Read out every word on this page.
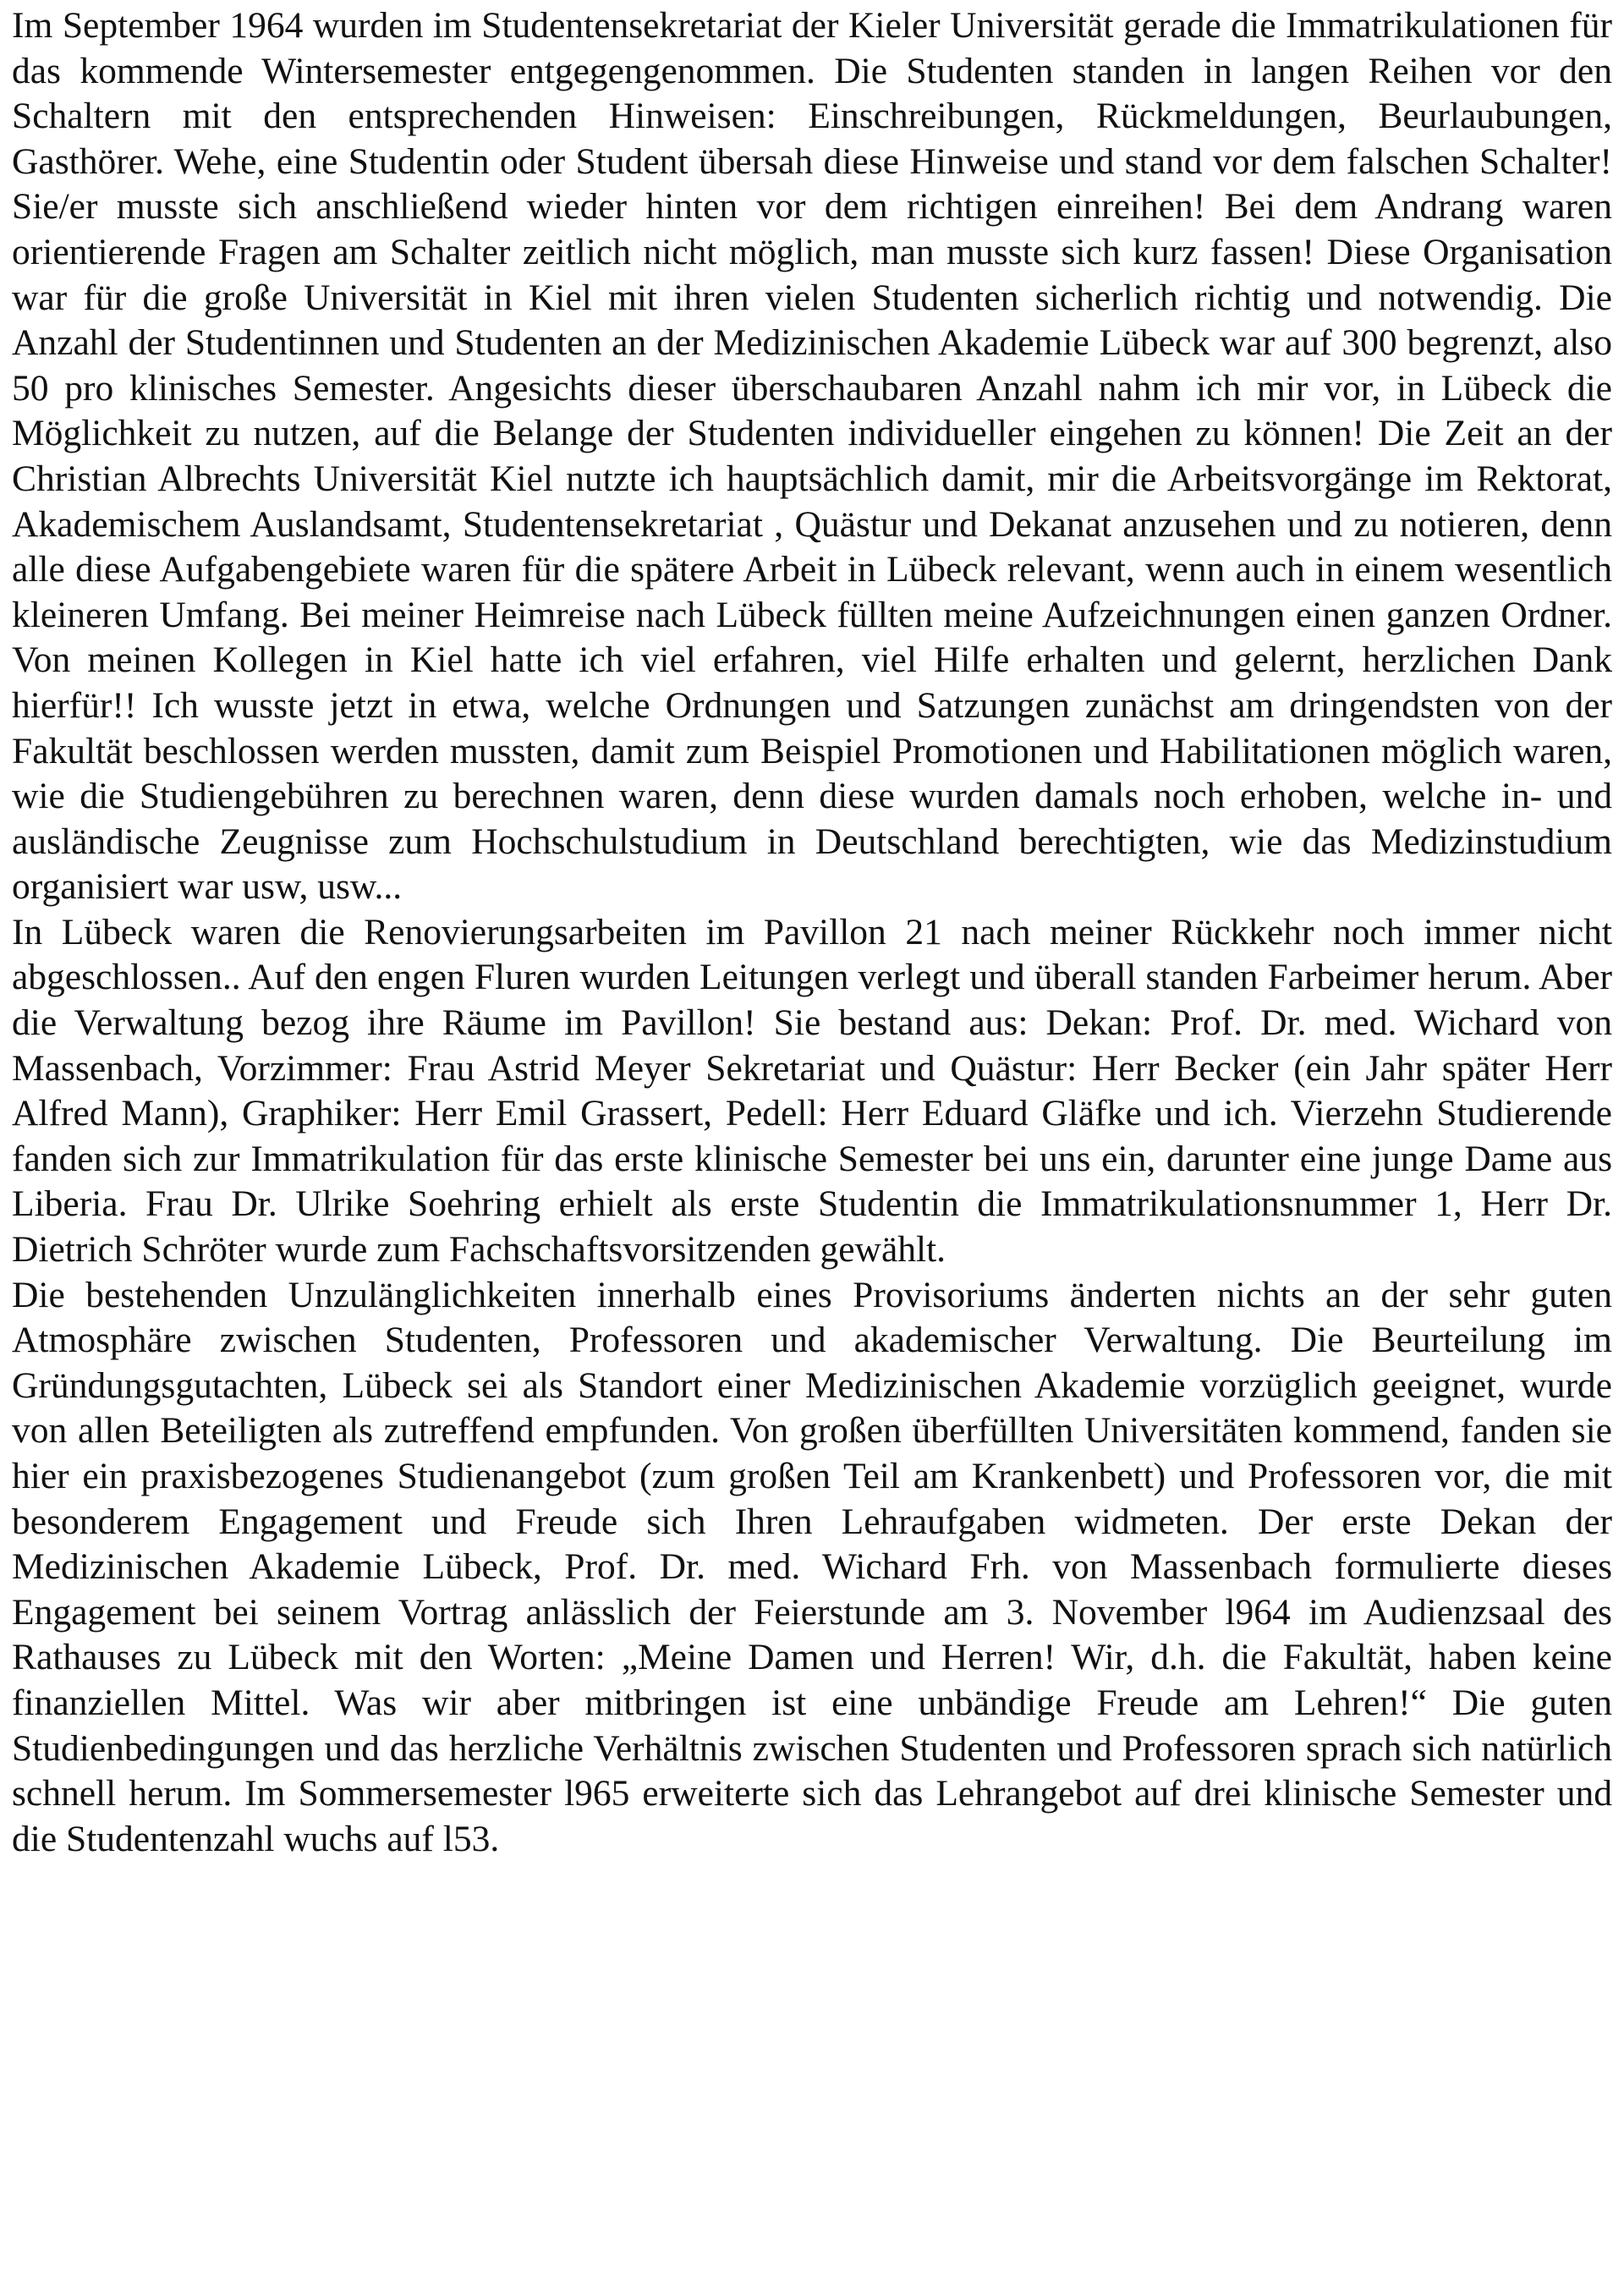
Im September 1964 wurden im Studentensekretariat der Kieler Universität gerade die Immatrikulationen für das kommende Wintersemester entgegengenommen. Die Studenten standen in langen Reihen vor den Schaltern mit den entsprechenden Hinweisen: Einschreibungen, Rückmeldungen, Beurlaubungen, Gasthörer. Wehe, eine Studentin oder Student übersah diese Hinweise und stand vor dem falschen Schalter! Sie/er musste sich anschließend wieder hinten vor dem richtigen einreihen! Bei dem Andrang waren orientierende Fragen am Schalter zeitlich nicht möglich, man musste sich kurz fassen! Diese Organisation war für die große Universität in Kiel mit ihren vielen Studenten sicherlich richtig und notwendig. Die Anzahl der Studentinnen und Studenten an der Medizinischen Akademie Lübeck war auf 300 begrenzt, also 50 pro klinisches Semester. Angesichts dieser überschaubaren Anzahl nahm ich mir vor, in Lübeck die Möglichkeit zu nutzen, auf die Belange der Studenten individueller eingehen zu können! Die Zeit an der Christian Albrechts Universität Kiel nutzte ich hauptsächlich damit, mir die Arbeitsvorgänge im Rektorat, Akademischem Auslandsamt, Studentensekretariat , Quästur und Dekanat anzusehen und zu notieren, denn alle diese Aufgabengebiete waren für die spätere Arbeit in Lübeck relevant, wenn auch in einem wesentlich kleineren Umfang. Bei meiner Heimreise nach Lübeck füllten meine Aufzeichnungen einen ganzen Ordner. Von meinen Kollegen in Kiel hatte ich viel erfahren, viel Hilfe erhalten und gelernt, herzlichen Dank hierfür!! Ich wusste jetzt in etwa, welche Ordnungen und Satzungen zunächst am dringendsten von der Fakultät beschlossen werden mussten, damit zum Beispiel Promotionen und Habilitationen möglich waren, wie die Studiengebühren zu berechnen waren, denn diese wurden damals noch erhoben, welche in- und ausländische Zeugnisse zum Hochschulstudium in Deutschland berechtigten, wie das Medizinstudium organisiert war usw, usw...

In Lübeck waren die Renovierungsarbeiten im Pavillon 21 nach meiner Rückkehr noch immer nicht abgeschlossen.. Auf den engen Fluren wurden Leitungen verlegt und überall standen Farbeimer herum. Aber die Verwaltung bezog ihre Räume im Pavillon! Sie bestand aus: Dekan: Prof. Dr. med. Wichard von Massenbach, Vorzimmer: Frau Astrid Meyer Sekretariat und Quästur: Herr Becker (ein Jahr später Herr Alfred Mann), Graphiker: Herr Emil Grassert, Pedell: Herr Eduard Gläfke und ich. Vierzehn Studierende fanden sich zur Immatrikulation für das erste klinische Semester bei uns ein, darunter eine junge Dame aus Liberia. Frau Dr. Ulrike Soehring erhielt als erste Studentin die Immatrikulationsnummer 1, Herr Dr. Dietrich Schröter wurde zum Fachschaftsvorsitzenden gewählt.

Die bestehenden Unzulänglichkeiten innerhalb eines Provisoriums änderten nichts an der sehr guten Atmosphäre zwischen Studenten, Professoren und akademischer Verwaltung. Die Beurteilung im Gründungsgutachten, Lübeck sei als Standort einer Medizinischen Akademie vorzüglich geeignet, wurde von allen Beteiligten als zutreffend empfunden. Von großen überfüllten Universitäten kommend, fanden sie hier ein praxisbezogenes Studienangebot (zum großen Teil am Krankenbett) und Professoren vor, die mit besonderem Engagement und Freude sich Ihren Lehraufgaben widmeten. Der erste Dekan der Medizinischen Akademie Lübeck, Prof. Dr. med. Wichard Frh. von Massenbach formulierte dieses Engagement bei seinem Vortrag anlässlich der Feierstunde am 3. November l964 im Audienzsaal des Rathauses zu Lübeck mit den Worten: „Meine Damen und Herren! Wir, d.h. die Fakultät, haben keine finanziellen Mittel. Was wir aber mitbringen ist eine unbändige Freude am Lehren!“ Die guten Studienbedingungen und das herzliche Verhältnis zwischen Studenten und Professoren sprach sich natürlich schnell herum. Im Sommersemester l965 erweiterte sich das Lehrangebot auf drei klinische Semester und die Studentenzahl wuchs auf l53.
